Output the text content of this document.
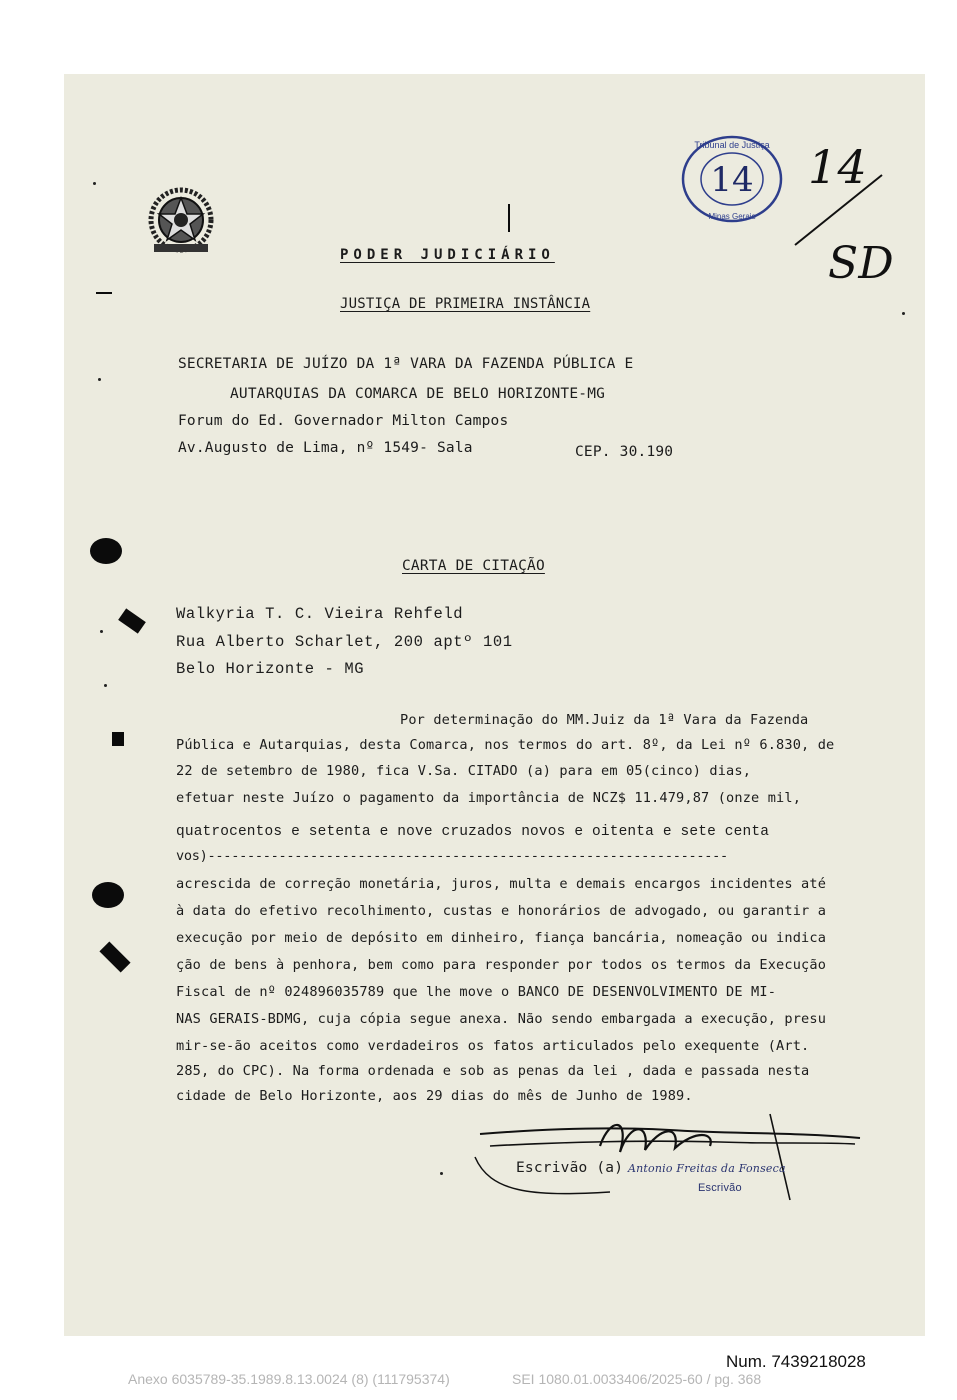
PODER JUDICIÁRIO
JUSTIÇA DE PRIMEIRA INSTÂNCIA
14
Tribunal de Justiça
Minas Gerais
14
SD
SECRETARIA DE JUÍZO DA 1ª VARA DA FAZENDA PÚBLICA E
AUTARQUIAS DA COMARCA DE BELO HORIZONTE-MG
Forum do Ed. Governador Milton Campos
Av.Augusto de Lima, nº 1549- Sala	CEP. 30.190
CARTA DE CITAÇÃO
Walkyria T. C. Vieira Rehfeld
Rua Alberto Scharlet, 200 aptº 101
Belo Horizonte - MG
Por determinação do MM.Juiz da 1ª Vara da Fazenda
Pública e Autarquias, desta Comarca, nos termos do art. 8º, da Lei nº 6.830, de
22 de setembro de 1980, fica V.Sa. CITADO (a) para em 05(cinco) dias,
efetuar neste Juízo o pagamento da importância de NCZ$ 11.479,87 (onze mil,
quatrocentos e setenta e nove cruzados novos e oitenta e sete centa
vos)------------------------------------------------------------------
acrescida de correção monetária, juros, multa e demais encargos incidentes até
à data do efetivo recolhimento, custas e honorários de advogado, ou garantir a
execução por meio de depósito em dinheiro, fiança bancária, nomeação ou indica
ção de bens à penhora, bem como para responder por todos os termos da Execução
Fiscal de nº 024896035789 que lhe move o BANCO DE DESENVOLVIMENTO DE MI-
NAS GERAIS-BDMG, cuja cópia segue anexa. Não sendo embargada a execução, presu
mir-se-ão aceitos como verdadeiros os fatos articulados pelo exequente (Art.
285, do CPC). Na forma ordenada e sob as penas da lei , dada e passada nesta
cidade de Belo Horizonte, aos 29 dias do mês de Junho de 1989.
Escrivão (a) Antonio Freitas da Fonseca
Escrivão
Num. 7439218028
Anexo 6035789-35.1989.8.13.0024 (8) (111795374)	SEI 1080.01.0033406/2025-60 / pg. 368
